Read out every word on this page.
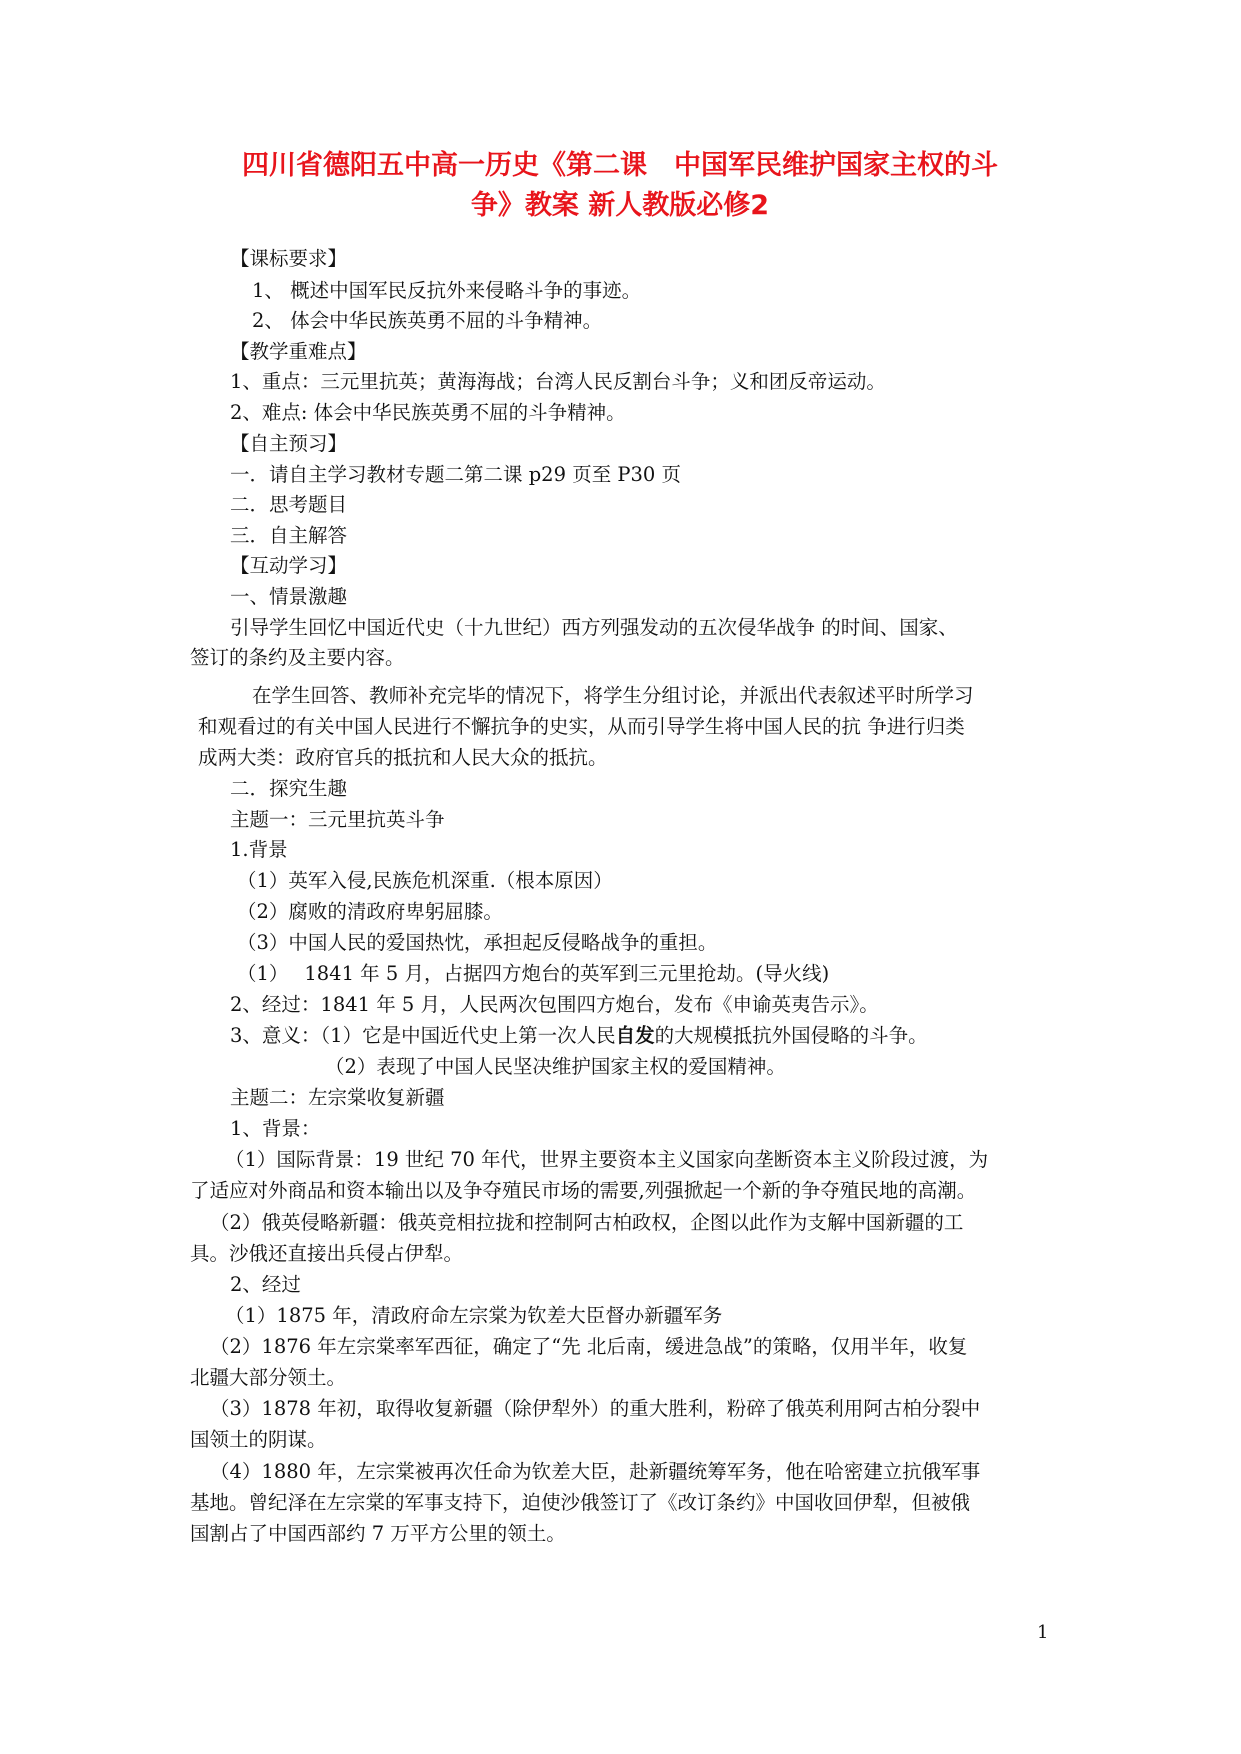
四川省德阳五中高一历史《第二课　中国军民维护国家主权的斗
争》教案 新人教版必修2

【课标要求】

1、 概述中国军民反抗外来侵略斗争的事迹。

2、 体会中华民族英勇不屈的斗争精神。

【教学重难点】

1、重点：三元里抗英；黄海海战；台湾人民反割台斗争；义和团反帝运动。

2、难点: 体会中华民族英勇不屈的斗争精神。

【自主预习】

一．请自主学习教材专题二第二课 p29 页至 P30 页

二．思考题目

三．自主解答

【互动学习】

一、情景激趣

引导学生回忆中国近代史（十九世纪）西方列强发动的五次侵华战争 的时间、国家、

签订的条约及主要内容。

在学生回答、教师补充完毕的情况下，将学生分组讨论，并派出代表叙述平时所学习

和观看过的有关中国人民进行不懈抗争的史实，从而引导学生将中国人民的抗 争进行归类

成两大类：政府官兵的抵抗和人民大众的抵抗。

二．探究生趣

主题一：三元里抗英斗争

1.背景

（1）英军入侵,民族危机深重.（根本原因）

（2）腐败的清政府卑躬屈膝。

（3）中国人民的爱国热忱，承担起反侵略战争的重担。

（1）　 1841 年 5 月，占据四方炮台的英军到三元里抢劫。(导火线)

2、经过：1841 年 5 月，人民两次包围四方炮台，发布《申谕英夷告示》。

3、意义：（1）它是中国近代史上第一次人民自发的大规模抵抗外国侵略的斗争。

（2）表现了中国人民坚决维护国家主权的爱国精神。

主题二：左宗棠收复新疆

1、背景：

（1）国际背景：19 世纪 70 年代，世界主要资本主义国家向垄断资本主义阶段过渡，为

了适应对外商品和资本输出以及争夺殖民市场的需要,列强掀起一个新的争夺殖民地的高潮。

（2）俄英侵略新疆：俄英竞相拉拢和控制阿古柏政权，企图以此作为支解中国新疆的工

具。沙俄还直接出兵侵占伊犁。

2、经过

（1）1875 年，清政府命左宗棠为钦差大臣督办新疆军务

（2）1876 年左宗棠率军西征，确定了“先 北后南，缓进急战”的策略，仅用半年，收复

北疆大部分领土。

（3）1878 年初，取得收复新疆（除伊犁外）的重大胜利，粉碎了俄英利用阿古柏分裂中

国领土的阴谋。

（4）1880 年，左宗棠被再次任命为钦差大臣，赴新疆统筹军务，他在哈密建立抗俄军事

基地。曾纪泽在左宗棠的军事支持下，迫使沙俄签订了《改订条约》中国收回伊犁，但被俄

国割占了中国西部约 7 万平方公里的领土。

1
